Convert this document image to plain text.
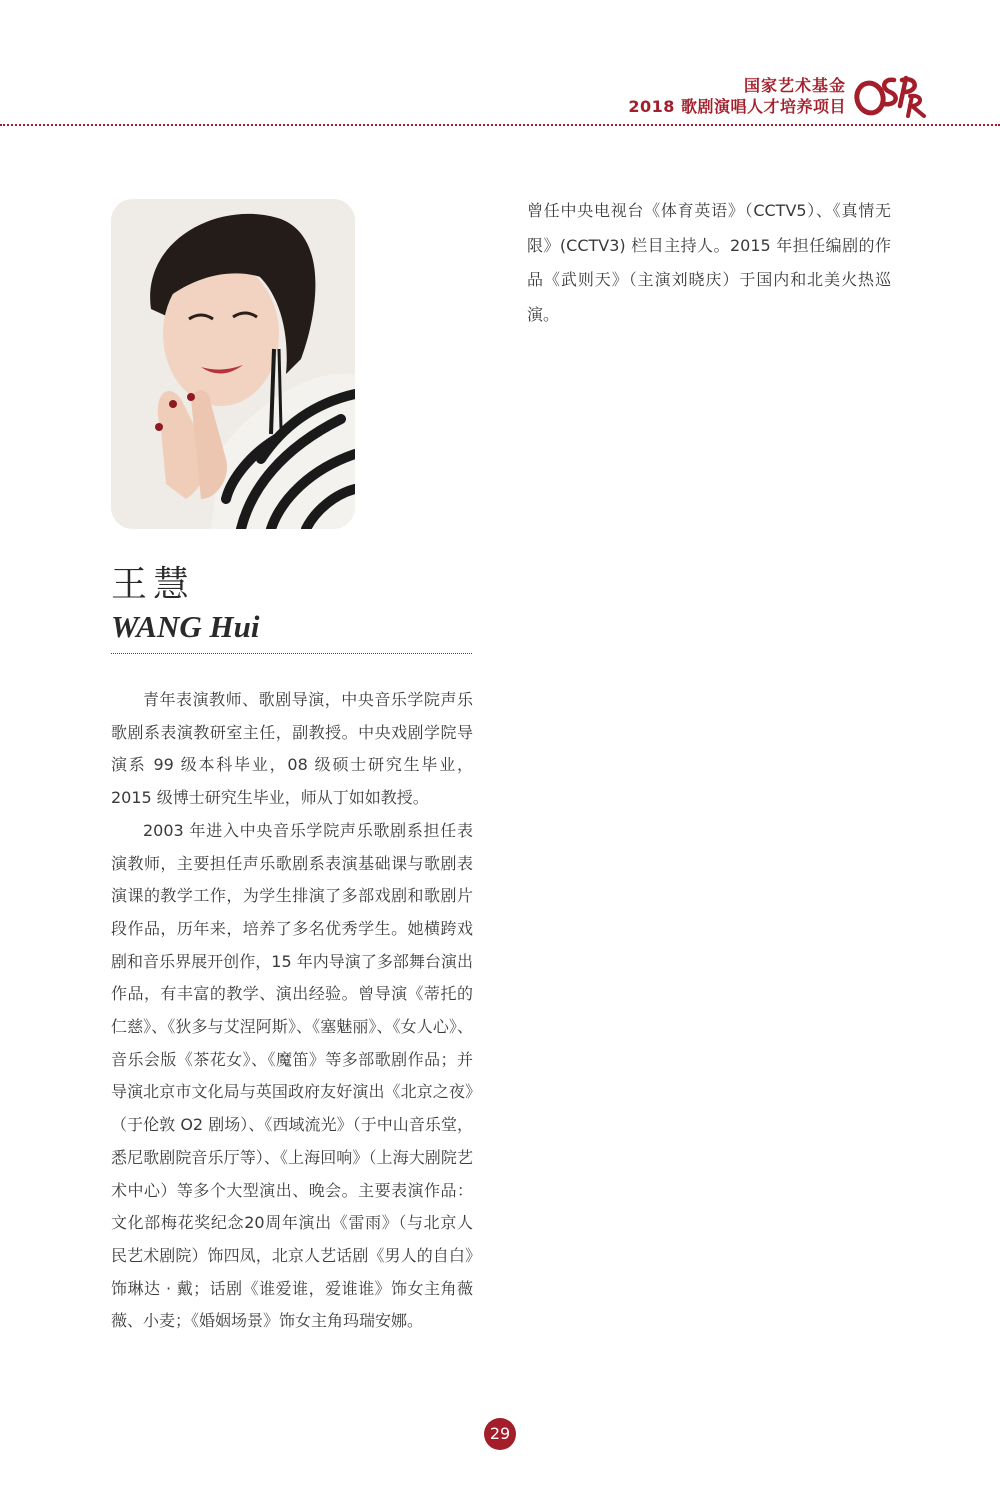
国家艺术基金
2018 歌剧演唱人才培养项目
王慧
WANG Hui

青年表演教师、歌剧导演，中央音乐学院声乐歌剧系表演教研室主任，副教授。中央戏剧学院导演系 99 级本科毕业，08 级硕士研究生毕业，2015 级博士研究生毕业，师从丁如如教授。

2003 年进入中央音乐学院声乐歌剧系担任表演教师，主要担任声乐歌剧系表演基础课与歌剧表演课的教学工作，为学生排演了多部戏剧和歌剧片段作品，历年来，培养了多名优秀学生。她横跨戏剧和音乐界展开创作，15 年内导演了多部舞台演出作品，有丰富的教学、演出经验。曾导演《蒂托的仁慈》、《狄多与艾涅阿斯》、《塞魅丽》、《女人心》、音乐会版《茶花女》、《魔笛》等多部歌剧作品；并导演北京市文化局与英国政府友好演出《北京之夜》（于伦敦 O2 剧场）、《西域流光》（于中山音乐堂，悉尼歌剧院音乐厅等）、《上海回响》（上海大剧院艺术中心）等多个大型演出、晚会。主要表演作品：文化部梅花奖纪念20周年演出《雷雨》（与北京人民艺术剧院）饰四凤，北京人艺话剧《男人的自白》饰琳达 · 戴；话剧《谁爱谁，爱谁谁》饰女主角薇薇、小麦；《婚姻场景》饰女主角玛瑞安娜。

曾任中央电视台《体育英语》（CCTV5）、《真情无限》(CCTV3) 栏目主持人。2015 年担任编剧的作品《武则天》（主演刘晓庆）于国内和北美火热巡演。

29
